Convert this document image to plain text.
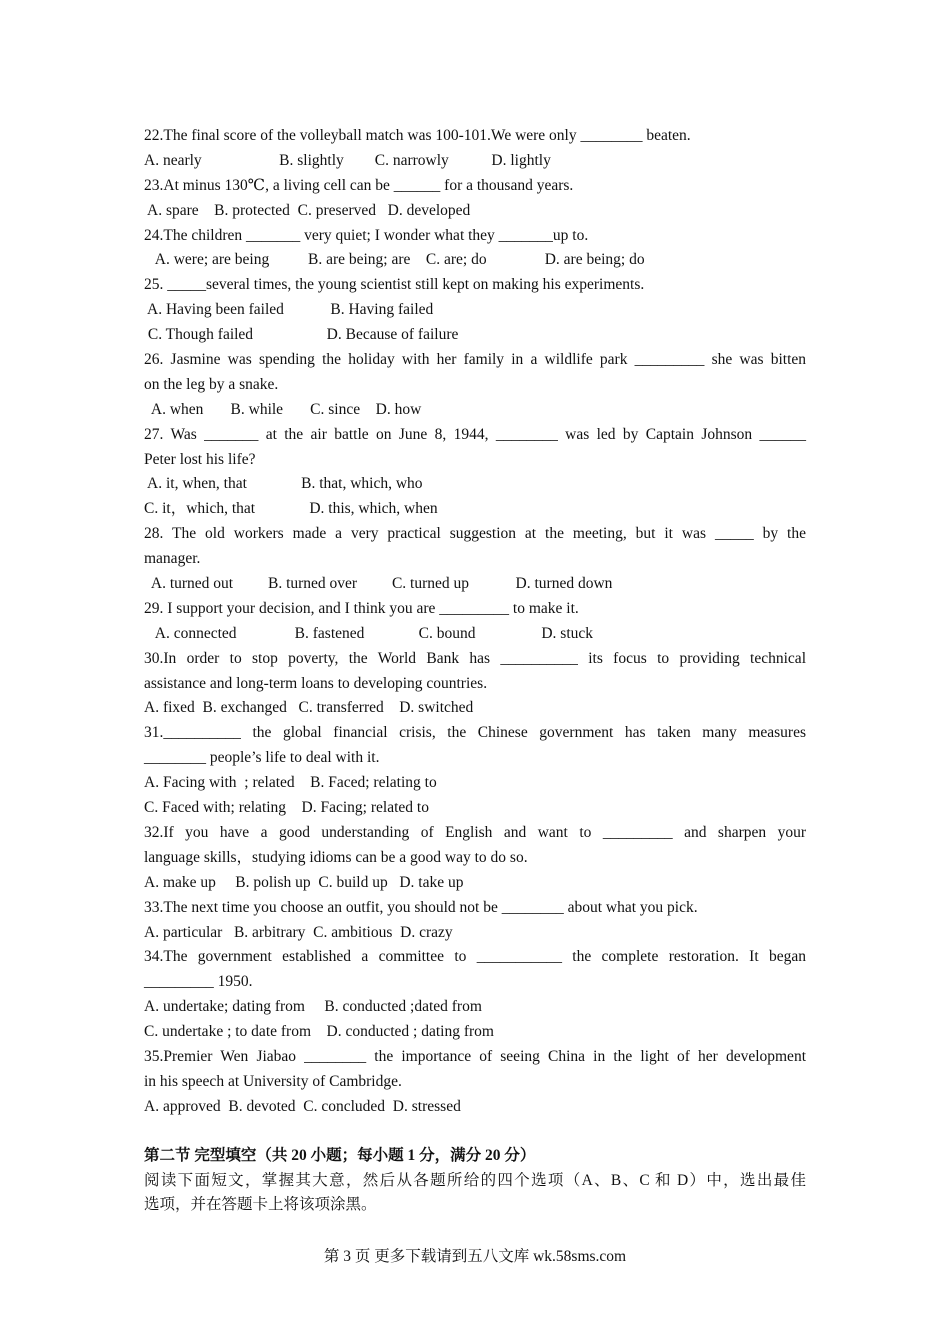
22.The final score of the volleyball match was 100-101.We were only ________ beaten.
A. nearly                    B. slightly        C. narrowly           D. lightly
23.At minus 130℃, a living cell can be ______ for a thousand years.
A. spare    B. protected  C. preserved   D. developed
24.The children _______ very quiet; I wonder what they _______up to.
A. were; are being          B. are being; are    C. are; do               D. are being; do
25. _____several times, the young scientist still kept on making his experiments.
A. Having been failed            B. Having failed
C. Though failed                   D. Because of failure
26. Jasmine was spending the holiday with her family in a wildlife park _________ she was bitten
on the leg by a snake.
A. when       B. while       C. since    D. how
27. Was _______ at the air battle on June 8, 1944, ________ was led by Captain Johnson ______
Peter lost his life?
A. it, when, that              B. that, which, who
C. it，which, that              D. this, which, when
28. The old workers made a very practical suggestion at the meeting, but it was _____ by the
manager.
A. turned out         B. turned over         C. turned up            D. turned down
29. I support your decision, and I think you are _________ to make it.
A. connected               B. fastened              C. bound                 D. stuck
30.In order to stop poverty, the World Bank has __________ its focus to providing technical
assistance and long-term loans to developing countries.
A. fixed  B. exchanged   C. transferred    D. switched
31.__________ the global financial crisis, the Chinese government has taken many measures
________ people’s life to deal with it.
A. Facing with  ; related    B. Faced; relating to
C. Faced with; relating    D. Facing; related to
32.If you have a good understanding of English and want to _________ and sharpen your
language skills，studying idioms can be a good way to do so.
A. make up     B. polish up  C. build up   D. take up
33.The next time you choose an outfit, you should not be ________ about what you pick.
A. particular   B. arbitrary  C. ambitious  D. crazy
34.The government established a committee to ___________ the complete restoration. It began
_________ 1950.
A. undertake; dating from     B. conducted ;dated from
C. undertake ; to date from    D. conducted ; dating from
35.Premier Wen Jiabao ________ the importance of seeing China in the light of her development
in his speech at University of Cambridge.
A. approved  B. devoted  C. concluded  D. stressed
第二节 完型填空（共 20 小题；每小题 1 分，满分 20 分）
阅读下面短文，掌握其大意，然后从各题所给的四个选项（A、B、C 和 D）中，选出最佳
选项，并在答题卡上将该项涂黑。
第 3 页 更多下载请到五八文库 wk.58sms.com
